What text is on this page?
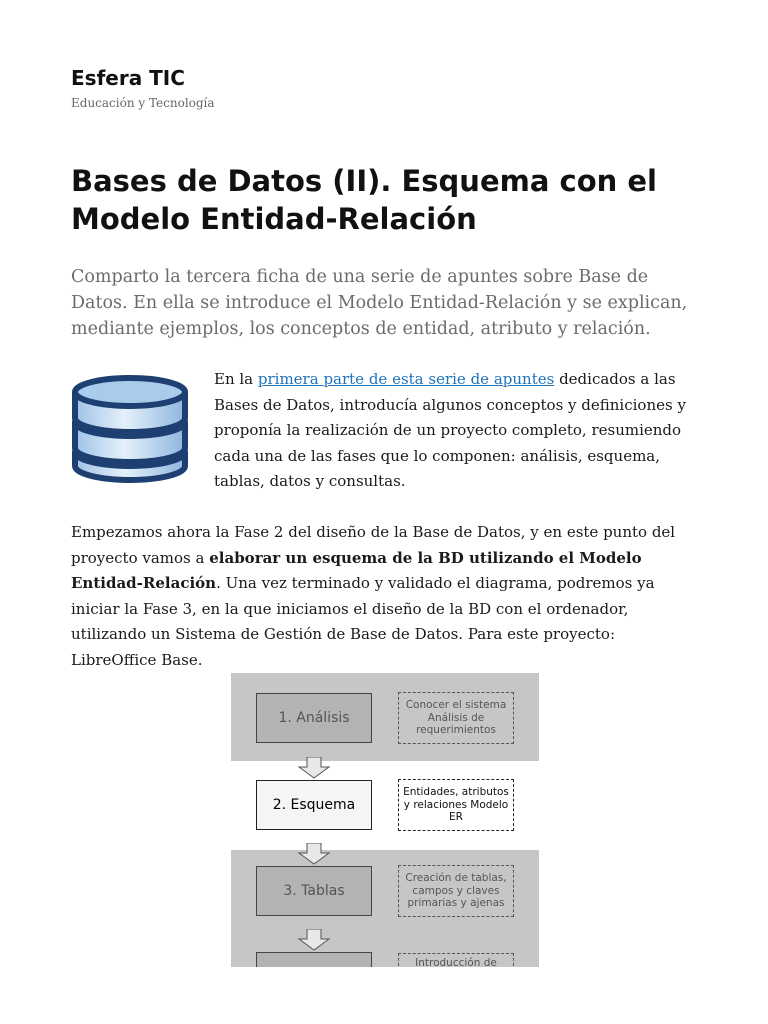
Esfera TIC
Educación y Tecnología
Bases de Datos (II). Esquema con el Modelo Entidad-Relación

Comparto la tercera ficha de una serie de apuntes sobre Base de Datos. En ella se introduce el Modelo Entidad-Relación y se explican, mediante ejemplos, los conceptos de entidad, atributo y relación.

En la primera parte de esta serie de apuntes dedicados a las Bases de Datos, introducía algunos conceptos y definiciones y proponía la realización de un proyecto completo, resumiendo cada una de las fases que lo componen: análisis, esquema, tablas, datos y consultas.

Empezamos ahora la Fase 2 del diseño de la Base de Datos, y en este punto del proyecto vamos a elaborar un esquema de la BD utilizando el Modelo Entidad-Relación. Una vez terminado y validado el diagrama, podremos ya iniciar la Fase 3, en la que iniciamos el diseño de la BD con el ordenador, utilizando un Sistema de Gestión de Base de Datos. Para este proyecto: LibreOffice Base.

1. Análisis
Conocer el sistema Análisis de requerimientos
2. Esquema
Entidades, atributos y relaciones Modelo ER
3. Tablas
Creación de tablas, campos y claves primarias y ajenas
Introducción de
